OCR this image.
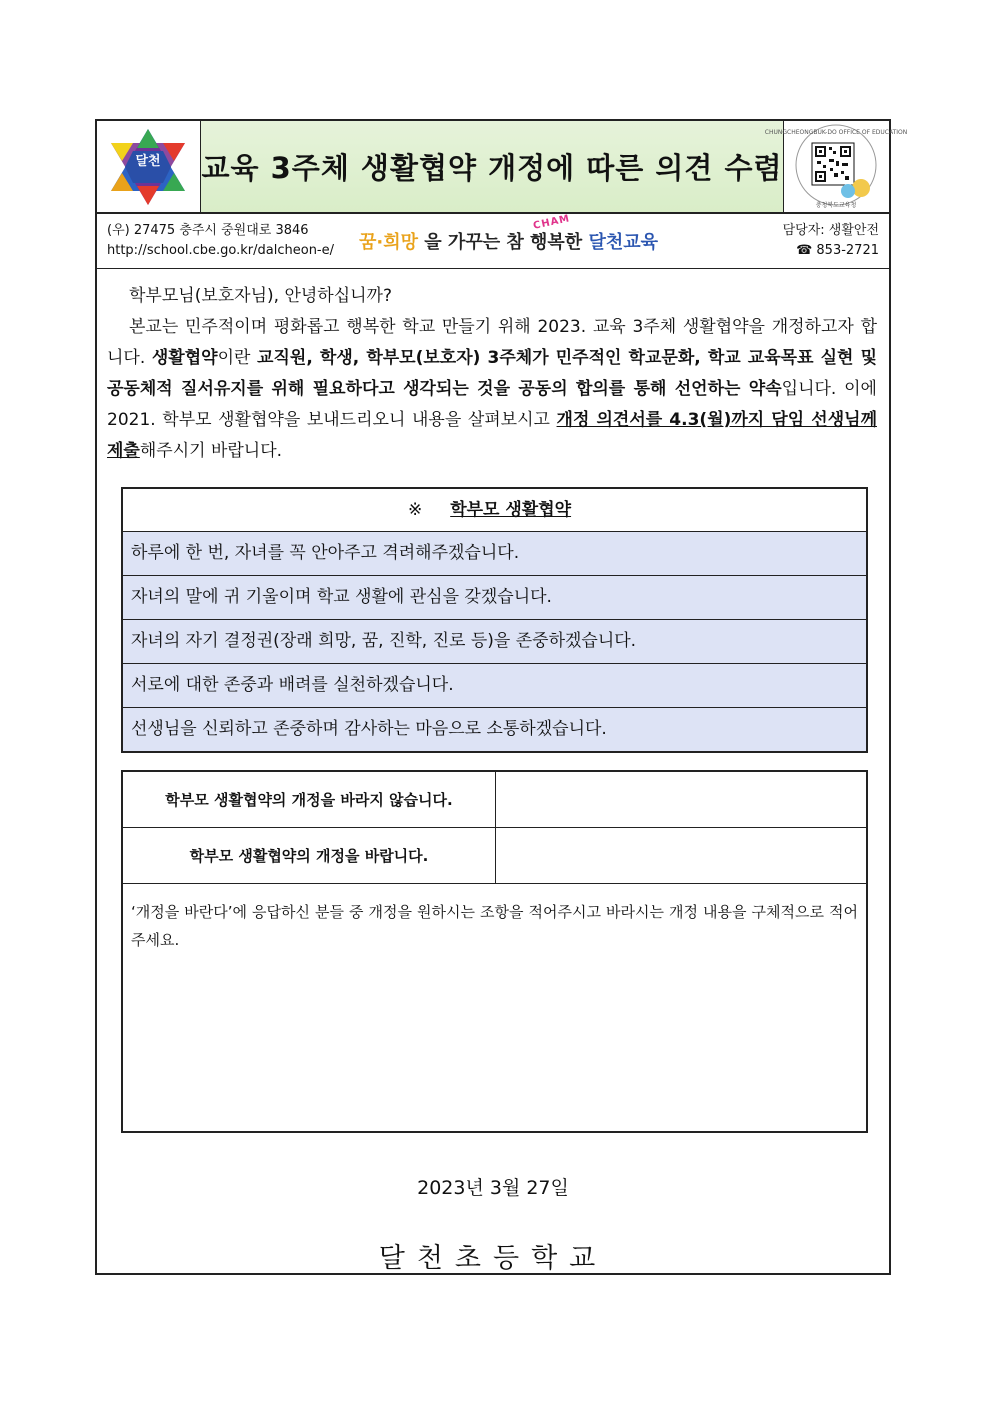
달천 교육 3주체 생활협약 개정에 따른 의견 수렴
CHUNGCHEONGBUK-DO OFFICE OF EDUCATION
충청북도교육청
(우) 27475 충주시 중원대로 3846
http://school.cbe.go.kr/dalcheon-e/ 꿈·희망 을 가꾸는 참 행복한 달천교육
CHAM	담당자: 생활안전
☎ 853-2721

학부모님(보호자님), 안녕하십니까?

본교는 민주적이며 평화롭고 행복한 학교 만들기 위해 2023. 교육 3주체 생활협약을 개정하고자 합니다. 생활협약이란 교직원, 학생, 학부모(보호자) 3주체가 민주적인 학교문화, 학교 교육목표 실현 및 공동체적 질서유지를 위해 필요하다고 생각되는 것을 공동의 합의를 통해 선언하는 약속입니다. 이에 2021. 학부모 생활협약을 보내드리오니 내용을 살펴보시고 개정 의견서를 4.3(월)까지 담임 선생님께 제출해주시기 바랍니다.

※ 학부모 생활협약
하루에 한 번, 자녀를 꼭 안아주고 격려해주겠습니다.
자녀의 말에 귀 기울이며 학교 생활에 관심을 갖겠습니다.
자녀의 자기 결정권(장래 희망, 꿈, 진학, 진로 등)을 존중하겠습니다.
서로에 대한 존중과 배려를 실천하겠습니다.
선생님을 신뢰하고 존중하며 감사하는 마음으로 소통하겠습니다.
학부모 생활협약의 개정을 바라지 않습니다.
학부모 생활협약의 개정을 바랍니다.
‘개정을 바란다’에 응답하신 분들 중 개정을 원하시는 조항을 적어주시고 바라시는 개정 내용을 구체적으로 적어주세요.
2023년 3월 27일
달천초등학교
